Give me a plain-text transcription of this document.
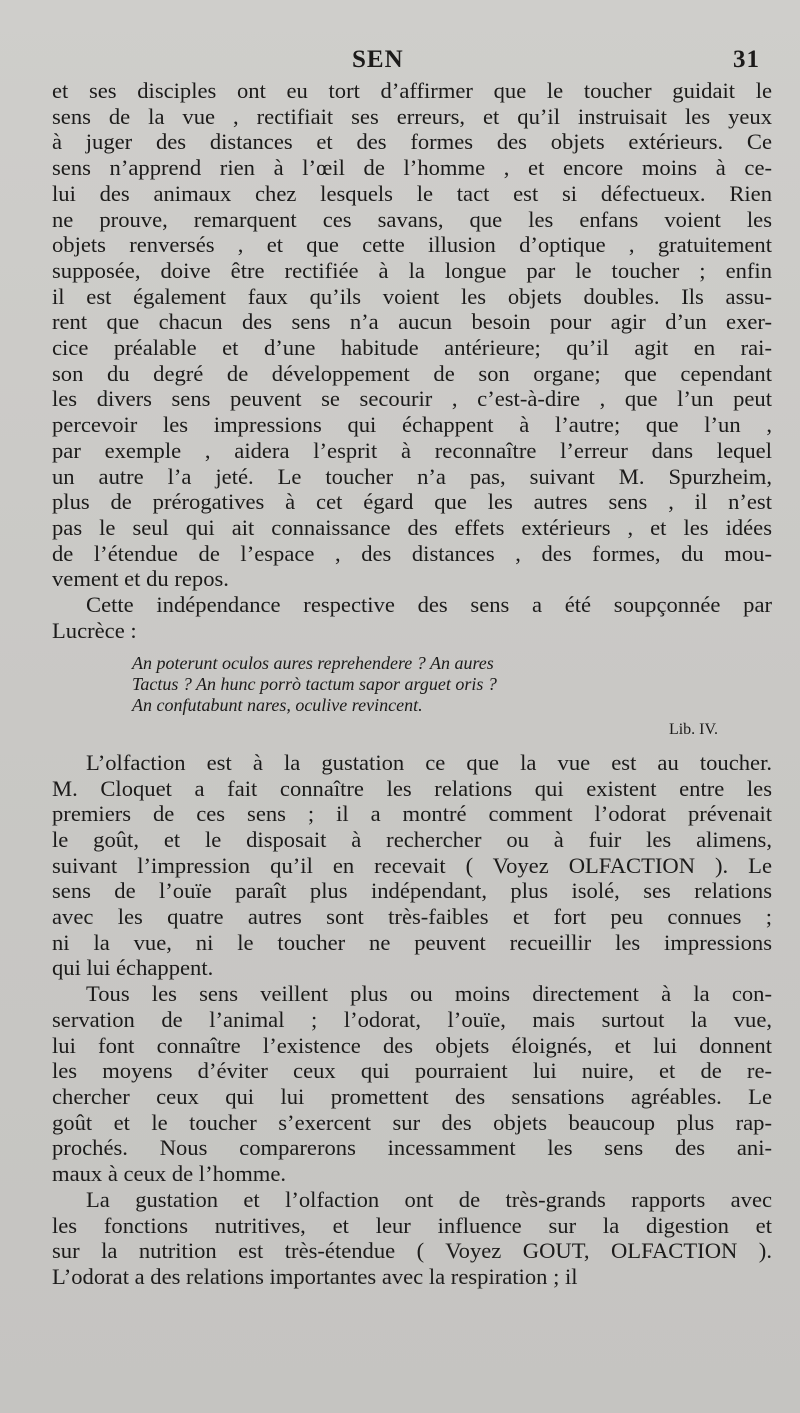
SEN	31
et ses disciples ont eu tort d’affirmer que le toucher guidait le
sens de la vue , rectifiait ses erreurs, et qu’il instruisait les yeux
à juger des distances et des formes des objets extérieurs. Ce
sens n’apprend rien à l’œil de l’homme , et encore moins à ce-
lui des animaux chez lesquels le tact est si défectueux. Rien
ne prouve, remarquent ces savans, que les enfans voient les
objets renversés , et que cette illusion d’optique , gratuitement
supposée, doive être rectifiée à la longue par le toucher ; enfin
il est également faux qu’ils voient les objets doubles. Ils assu-
rent que chacun des sens n’a aucun besoin pour agir d’un exer-
cice préalable et d’une habitude antérieure; qu’il agit en rai-
son du degré de développement de son organe; que cependant
les divers sens peuvent se secourir , c’est-à-dire , que l’un peut
percevoir les impressions qui échappent à l’autre; que l’un ,
par exemple , aidera l’esprit à reconnaître l’erreur dans lequel
un autre l’a jeté. Le toucher n’a pas, suivant M. Spurzheim,
plus de prérogatives à cet égard que les autres sens , il n’est
pas le seul qui ait connaissance des effets extérieurs , et les idées
de l’étendue de l’espace , des distances , des formes, du mou-
vement et du repos.
Cette indépendance respective des sens a été soupçonnée par
Lucrèce :
An poterunt oculos aures reprehendere ? An aures
Tactus ? An hunc porrò tactum sapor arguet oris ?
An confutabunt nares, oculive revincent.
Lib. IV.
L’olfaction est à la gustation ce que la vue est au toucher.
M. Cloquet a fait connaître les relations qui existent entre les
premiers de ces sens ; il a montré comment l’odorat prévenait
le goût, et le disposait à rechercher ou à fuir les alimens,
suivant l’impression qu’il en recevait ( Voyez OLFACTION ). Le
sens de l’ouïe paraît plus indépendant, plus isolé, ses relations
avec les quatre autres sont très-faibles et fort peu connues ;
ni la vue, ni le toucher ne peuvent recueillir les impressions
qui lui échappent.
Tous les sens veillent plus ou moins directement à la con-
servation de l’animal ; l’odorat, l’ouïe, mais surtout la vue,
lui font connaître l’existence des objets éloignés, et lui donnent
les moyens d’éviter ceux qui pourraient lui nuire, et de re-
chercher ceux qui lui promettent des sensations agréables. Le
goût et le toucher s’exercent sur des objets beaucoup plus rap-
prochés. Nous comparerons incessamment les sens des ani-
maux à ceux de l’homme.
La gustation et l’olfaction ont de très-grands rapports avec
les fonctions nutritives, et leur influence sur la digestion et
sur la nutrition est très-étendue ( Voyez GOUT, OLFACTION ).
L’odorat a des relations importantes avec la respiration ; il
